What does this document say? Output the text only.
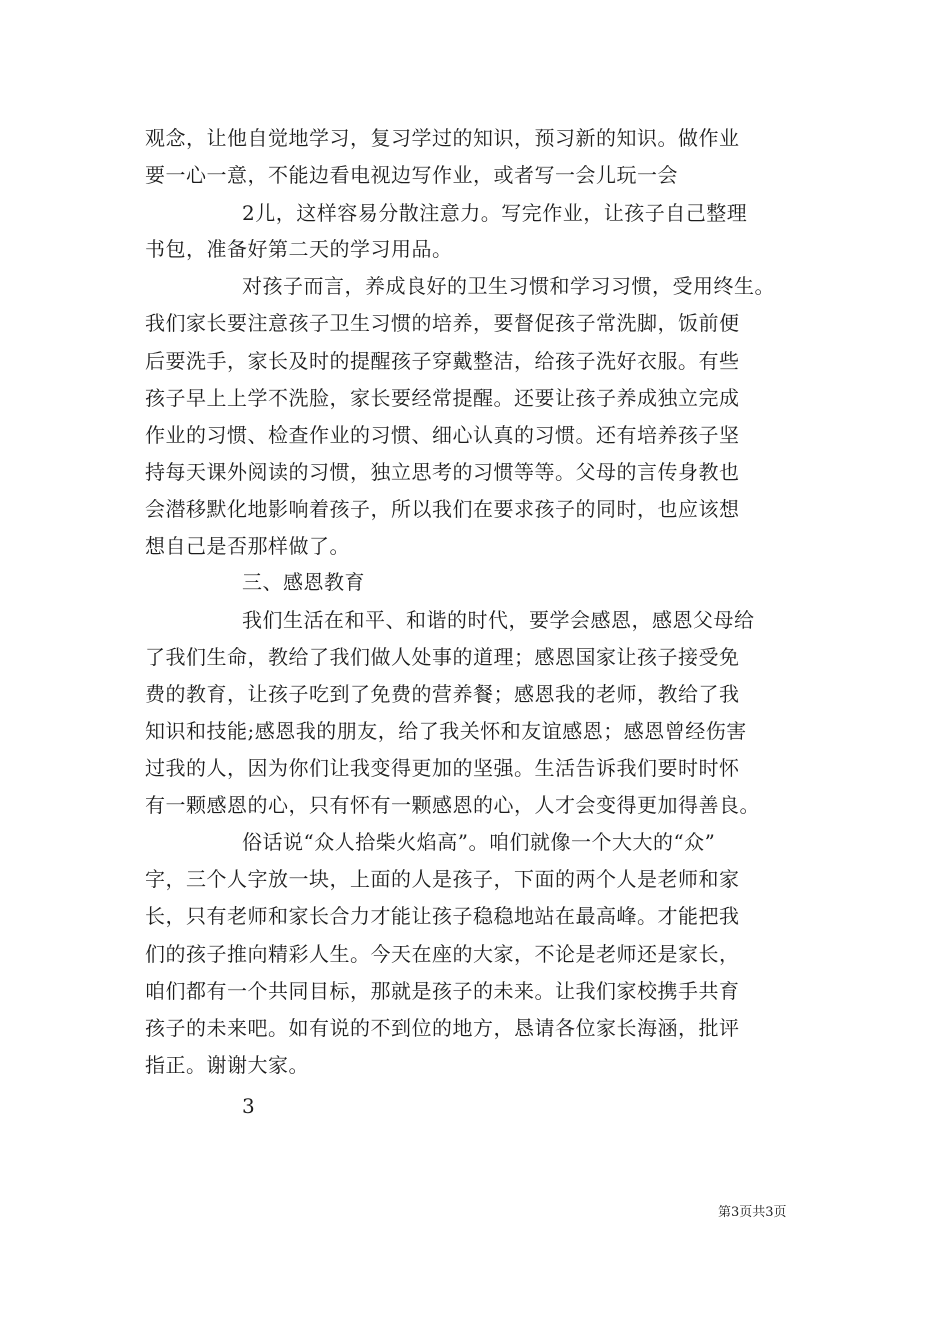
观念，让他自觉地学习，复习学过的知识，预习新的知识。做作业

要一心一意，不能边看电视边写作业，或者写一会儿玩一会

2儿，这样容易分散注意力。写完作业，让孩子自己整理

书包，准备好第二天的学习用品。

对孩子而言，养成良好的卫生习惯和学习习惯，受用终生。

我们家长要注意孩子卫生习惯的培养，要督促孩子常洗脚，饭前便

后要洗手，家长及时的提醒孩子穿戴整洁，给孩子洗好衣服。有些

孩子早上上学不洗脸，家长要经常提醒。还要让孩子养成独立完成

作业的习惯、检查作业的习惯、细心认真的习惯。还有培养孩子坚

持每天课外阅读的习惯，独立思考的习惯等等。父母的言传身教也

会潜移默化地影响着孩子，所以我们在要求孩子的同时，也应该想

想自己是否那样做了。

三、感恩教育

我们生活在和平、和谐的时代，要学会感恩，感恩父母给

了我们生命，教给了我们做人处事的道理；感恩国家让孩子接受免

费的教育，让孩子吃到了免费的营养餐；感恩我的老师，教给了我

知识和技能;感恩我的朋友，给了我关怀和友谊感恩；感恩曾经伤害

过我的人，因为你们让我变得更加的坚强。生活告诉我们要时时怀

有一颗感恩的心，只有怀有一颗感恩的心，人才会变得更加得善良。

俗话说“众人拾柴火焰高”。咱们就像一个大大的“众”

字，三个人字放一块，上面的人是孩子，下面的两个人是老师和家

长，只有老师和家长合力才能让孩子稳稳地站在最高峰。才能把我

们的孩子推向精彩人生。今天在座的大家，不论是老师还是家长，

咱们都有一个共同目标，那就是孩子的未来。让我们家校携手共育

孩子的未来吧。如有说的不到位的地方，恳请各位家长海涵，批评

指正。谢谢大家。

3

第3页共3页
